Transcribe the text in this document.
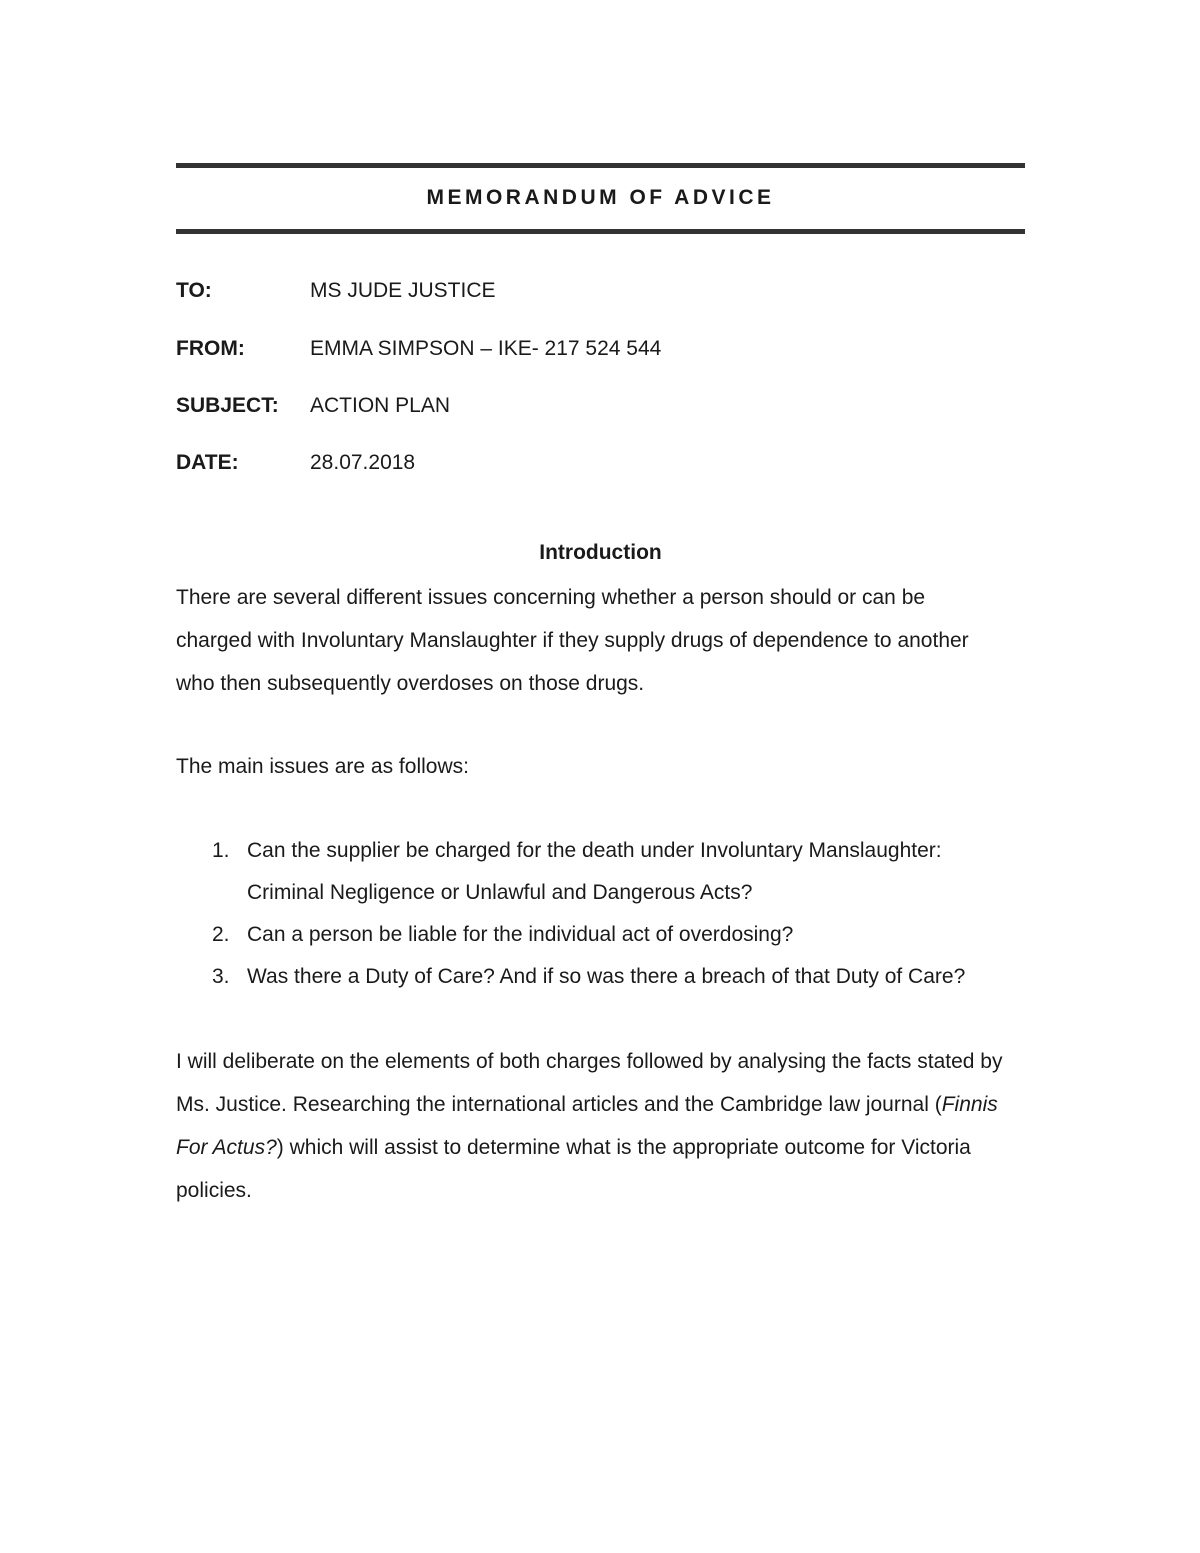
MEMORANDUM OF ADVICE
TO:	MS JUDE JUSTICE
FROM:	EMMA SIMPSON – IKE- 217 524 544
SUBJECT:	ACTION PLAN
DATE:	28.07.2018
Introduction

There are several different issues concerning whether a person should or can be charged with Involuntary Manslaughter if they supply drugs of dependence to another who then subsequently overdoses on those drugs.

The main issues are as follows:

1. Can the supplier be charged for the death under Involuntary Manslaughter: Criminal Negligence or Unlawful and Dangerous Acts?
2. Can a person be liable for the individual act of overdosing?
3. Was there a Duty of Care? And if so was there a breach of that Duty of Care?

I will deliberate on the elements of both charges followed by analysing the facts stated by Ms. Justice. Researching the international articles and the Cambridge law journal (Finnis For Actus?) which will assist to determine what is the appropriate outcome for Victoria policies.
